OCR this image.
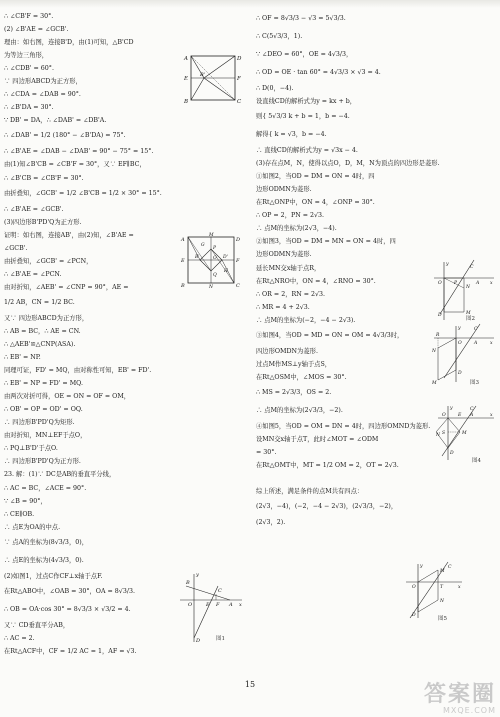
∴ ∠CB'F = 30°.
(2) ∠B'AE = ∠GCB'.
理由：如右图，连接B'D，由(1)可知，△B'CD
为等边三角形，
∴ ∠CDB' = 60°.
∵ 四边形ABCD为正方形，
∴ ∠CDA = ∠DAB = 90°.
∴ ∠B'DA = 30°.
∵ DB' = DA，∴ ∠DAB' = ∠DB'A.
∴ ∠DAB' = 1/2 (180° − ∠B'DA) = 75°.
∴ ∠B'AE = ∠DAB − ∠DAB' = 90° − 75° = 15°.
由(1)知∠B'CB = ∠CB'F = 30°，又∵ EF∥BC，
∴ ∠B'CB = ∠CB'F = 30°.
由折叠知，∠GCB' = 1/2 ∠B'CB = 1/2 × 30° = 15°.
∴ ∠B'AE = ∠GCB'.
(3)四边形B'PD'Q为正方形.
证明：如右图，连接AB'，由(2)知，∠B'AE =
∠GCB'.
由折叠知，∠GCB' = ∠PCN，
∴ ∠B'AE = ∠PCN.
由对折知，∠AEB' = ∠CNP = 90°，AE =
1/2 AB，CN = 1/2 BC.
又∵ 四边形ABCD为正方形，
∴ AB = BC，∴ AE = CN.
∴ △AEB'≌△CNP(ASA).
∴ EB' = NP.
同理可证，FD' = MQ，由对称性可知，EB' = FD'.
∴ EB' = NP = FD' = MQ.
由两次对折可得，OE = ON = OF = OM，
∴ OB' = OP = OD' = OQ.
∴ 四边形B'PD'Q为矩形.
由对折知，MN⊥EF于点O，
∴ PQ⊥B'D'于点O.
∴ 四边形B'PD'Q为正方形.
23. 解：(1)∵ DC是AB的垂直平分线，
∴ AC = BC，∠ACE = 90°.
∵ ∠B = 90°，
∴ CE∥OB.
∴ 点E为OA的中点.
∵ 点A的坐标为(8√3/3，0)，
∴ 点E的坐标为(4√3/3，0).
(2)如图1，过点C作CF⊥x轴于点F.
在Rt△ABO中，∠OAB = 30°，OA = 8√3/3.
∴ OB = OA·cos 30° = 8√3/3 × √3/2 = 4.
又∵ CD垂直平分AB，
∴ AC = 2.
在Rt△ACF中，CF = 1/2 AC = 1，AF = √3.
∴ OF = 8√3/3 − √3 = 5√3/3.
∴ C(5√3/3，1).
∵ ∠DEO = 60°，OE = 4√3/3，
∴ OD = OE · tan 60° = 4√3/3 × √3 = 4.
∴ D(0，−4).
设直线CD的解析式为y = kx + b，
则{ 5√3/3 k + b = 1，b = −4.
解得{ k = √3，b = −4.
∴ 直线CD的解析式为y = √3x − 4.
(3)存在点M，N，使得以点O，D，M，N为顶点的四边形是菱形.
①如图2，当OD = DM = ON = 4时，四
边形ODMN为菱形.
在Rt△ONP中，ON = 4，∠ONP = 30°.
∴ OP = 2，PN = 2√3.
∴ 点M的坐标为(2√3，−4).
②如图3，当OD = DM = MN = ON = 4时，四
边形ODMN为菱形.
延长MN交x轴于点R，
在Rt△NRO中，ON = 4，∠RNO = 30°.
∴ OR = 2，RN = 2√3.
∴ MR = 4 + 2√3.
∴ 点M的坐标为(−2，−4 − 2√3).
③如图4，当OD = MD = ON = OM = 4√3/3时，
四边形OMDN为菱形.
过点M作MS⊥y轴于点S，
在Rt△OSM中，∠MOS = 30°.
∴ MS = 2√3/3，OS = 2.
∴ 点M的坐标为(2√3/3，−2).
④如图5，当OD = OM = DN = 4时，四边形OMND为菱形.
设MN交x轴于点T，此时∠MOT = ∠ODM
= 30°.
在Rt△OMT中，MT = 1/2 OM = 2，OT = 2√3.
综上所述，满足条件的点M共有四点：
(2√3，−4)，(−2，−4 − 2√3)，(2√3/3，−2)，
(2√3，2).
A
E
B
D
F
C
B'
A
E
B
D
F
C
M
N
O
P
Q
B'	D'
G
H
y
B
O	E F A x
C
D	图1
y
O	P
N
M
x
A
D
C
图2
y
M
N
O
R
x
A
D
C
图3
y
O	E A	x
S	M
N
D
C
图4
y
O	T	x
M
N
D
C
图5
15	答案圈
MXQE.COM
